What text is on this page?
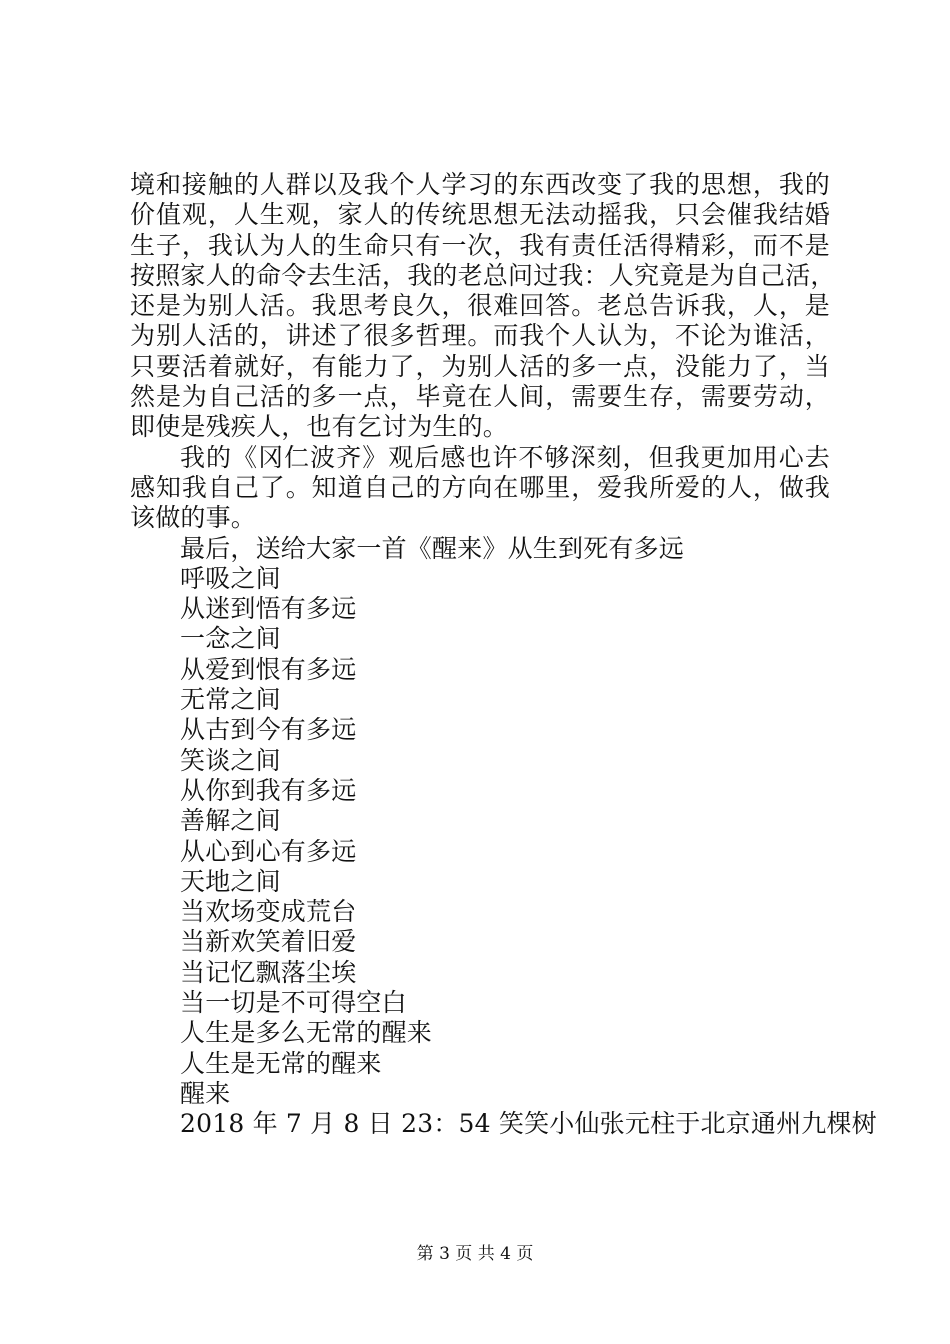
境和接触的人群以及我个人学习的东西改变了我的思想，我的
价值观，人生观，家人的传统思想无法动摇我，只会催我结婚
生子，我认为人的生命只有一次，我有责任活得精彩，而不是
按照家人的命令去生活，我的老总问过我：人究竟是为自己活，
还是为别人活。我思考良久，很难回答。老总告诉我，人，是
为别人活的，讲述了很多哲理。而我个人认为，不论为谁活，
只要活着就好，有能力了，为别人活的多一点，没能力了，当
然是为自己活的多一点，毕竟在人间，需要生存，需要劳动，
即使是残疾人，也有乞讨为生的。
我的《冈仁波齐》观后感也许不够深刻，但我更加用心去
感知我自己了。知道自己的方向在哪里，爱我所爱的人，做我
该做的事。
最后，送给大家一首《醒来》从生到死有多远
呼吸之间
从迷到悟有多远
一念之间
从爱到恨有多远
无常之间
从古到今有多远
笑谈之间
从你到我有多远
善解之间
从心到心有多远
天地之间
当欢场变成荒台
当新欢笑着旧爱
当记忆飘落尘埃
当一切是不可得空白
人生是多么无常的醒来
人生是无常的醒来
醒来
2018 年 7 月 8 日 23：54 笑笑小仙张元柱于北京通州九棵树
第 3 页 共 4 页
